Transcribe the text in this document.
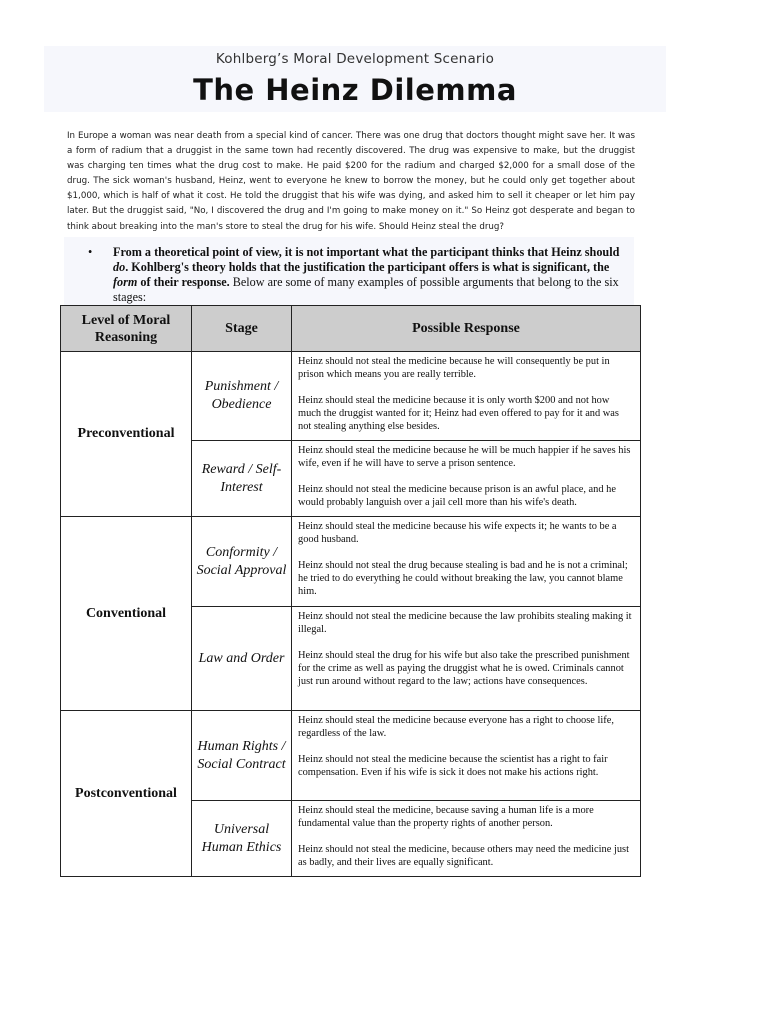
Kohlberg’s Moral Development Scenario
The Heinz Dilemma
In Europe a woman was near death from a special kind of cancer. There was one drug that doctors thought might save her. It was a form of radium that a druggist in the same town had recently discovered. The drug was expensive to make, but the druggist was charging ten times what the drug cost to make. He paid $200 for the radium and charged $2,000 for a small dose of the drug. The sick woman's husband, Heinz, went to everyone he knew to borrow the money, but he could only get together about $1,000, which is half of what it cost. He told the druggist that his wife was dying, and asked him to sell it cheaper or let him pay later. But the druggist said, "No, I discovered the drug and I'm going to make money on it." So Heinz got desperate and began to think about breaking into the man's store to steal the drug for his wife. Should Heinz steal the drug?
• From a theoretical point of view, it is not important what the participant thinks that Heinz should do. Kohlberg's theory holds that the justification the participant offers is what is significant, the form of their response. Below are some of many examples of possible arguments that belong to the six stages:
Level of Moral Reasoning	Stage	Possible Response
Preconventional	Punishment / Obedience	Heinz should not steal the medicine because he will consequently be put in prison which means you are really terrible.

Heinz should steal the medicine because it is only worth $200 and not how much the druggist wanted for it; Heinz had even offered to pay for it and was not stealing anything else besides.

	Reward / Self-Interest	Heinz should steal the medicine because he will be much happier if he saves his wife, even if he will have to serve a prison sentence.

Heinz should not steal the medicine because prison is an awful place, and he would probably languish over a jail cell more than his wife's death.

Conventional	Conformity / Social Approval	Heinz should steal the medicine because his wife expects it; he wants to be a good husband.

Heinz should not steal the drug because stealing is bad and he is not a criminal; he tried to do everything he could without breaking the law, you cannot blame him.

	Law and Order	Heinz should not steal the medicine because the law prohibits stealing making it illegal.

Heinz should steal the drug for his wife but also take the prescribed punishment for the crime as well as paying the druggist what he is owed. Criminals cannot just run around without regard to the law; actions have consequences.

Postconventional	Human Rights / Social Contract	Heinz should steal the medicine because everyone has a right to choose life, regardless of the law.

Heinz should not steal the medicine because the scientist has a right to fair compensation. Even if his wife is sick it does not make his actions right.

	Universal Human Ethics	Heinz should steal the medicine, because saving a human life is a more fundamental value than the property rights of another person.

Heinz should not steal the medicine, because others may need the medicine just as badly, and their lives are equally significant.
